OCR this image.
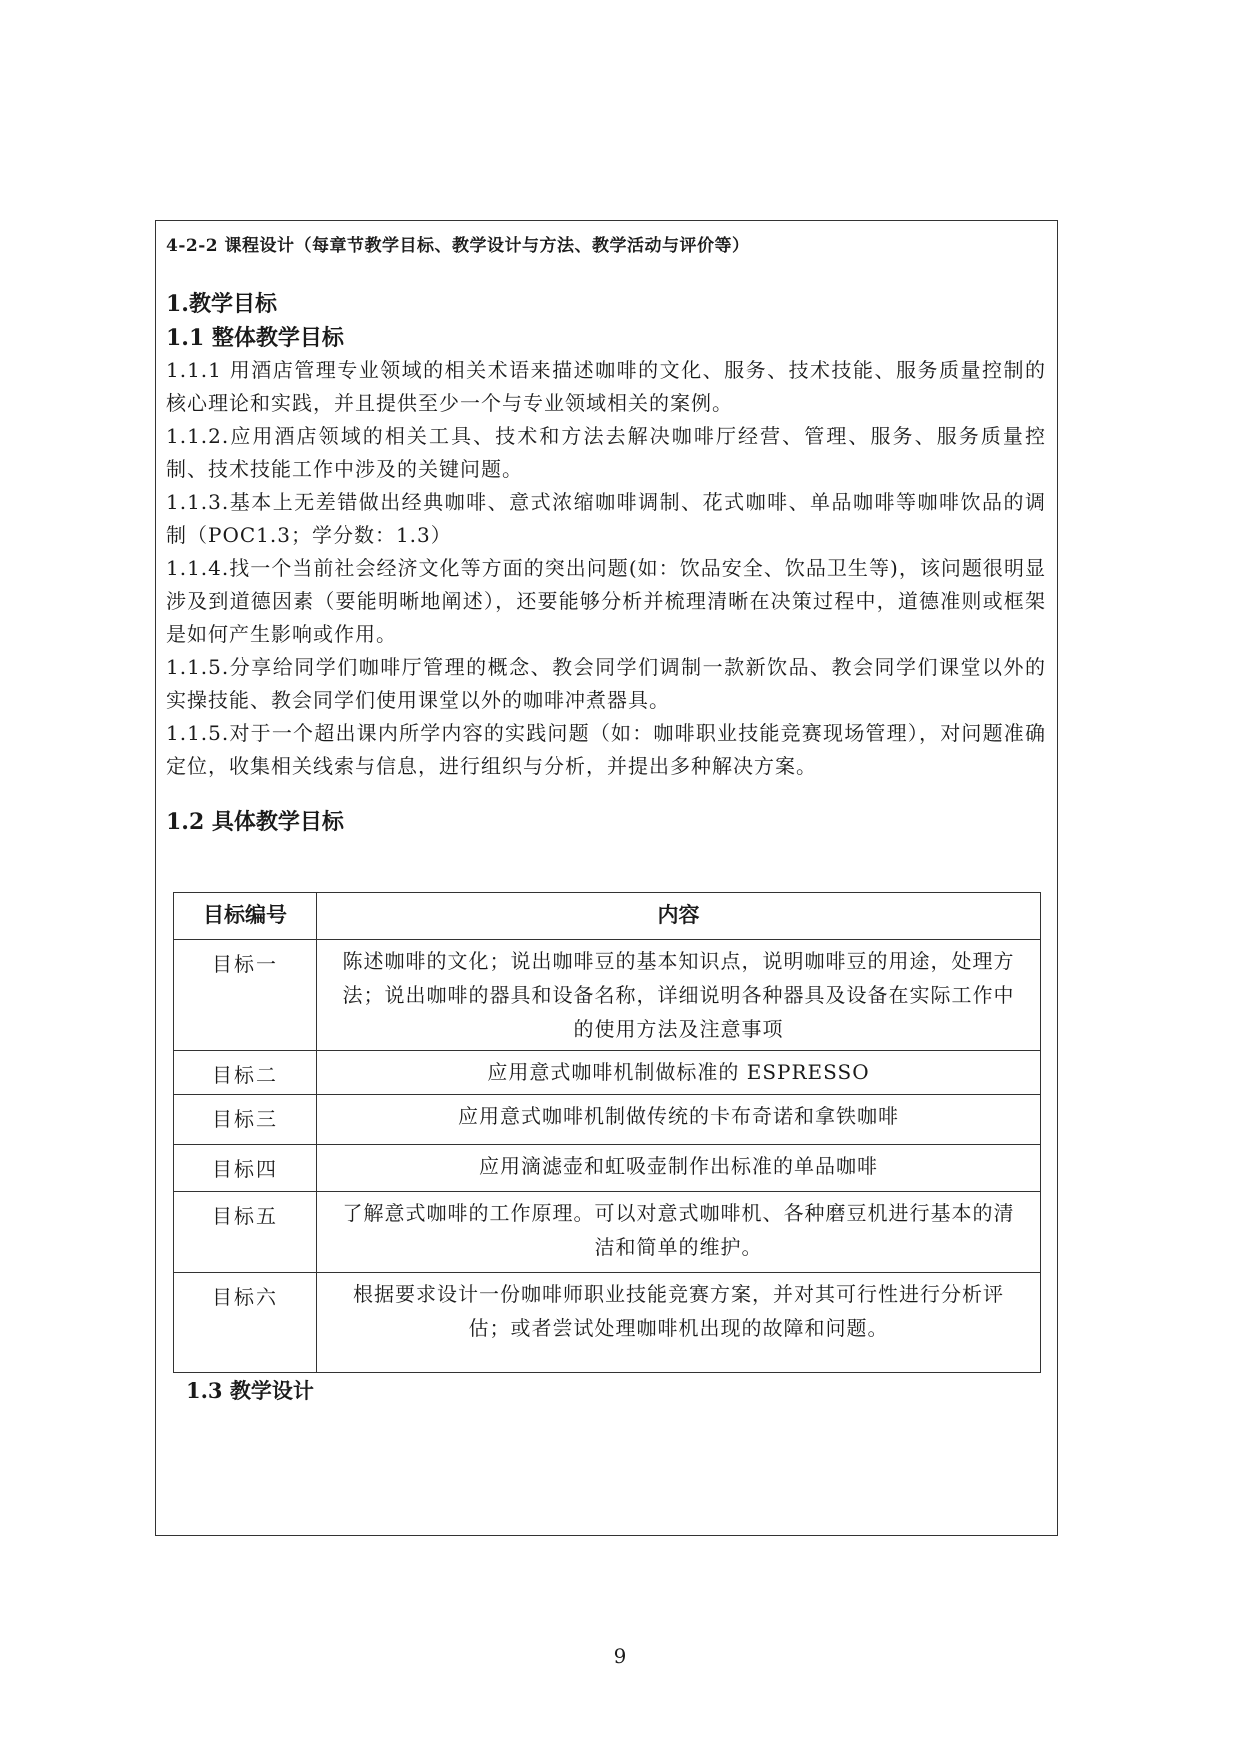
4-2-2 课程设计（每章节教学目标、教学设计与方法、教学活动与评价等）
1.教学目标
1.1 整体教学目标

1.1.1 用酒店管理专业领域的相关术语来描述咖啡的文化、服务、技术技能、服务质量控制的核心理论和实践，并且提供至少一个与专业领域相关的案例。

1.1.2.应用酒店领域的相关工具、技术和方法去解决咖啡厅经营、管理、服务、服务质量控制、技术技能工作中涉及的关键问题。

1.1.3.基本上无差错做出经典咖啡、意式浓缩咖啡调制、花式咖啡、单品咖啡等咖啡饮品的调制（POC1.3；学分数：1.3）

1.1.4.找一个当前社会经济文化等方面的突出问题(如：饮品安全、饮品卫生等)，该问题很明显涉及到道德因素（要能明晰地阐述），还要能够分析并梳理清晰在决策过程中，道德准则或框架是如何产生影响或作用。

1.1.5.分享给同学们咖啡厅管理的概念、教会同学们调制一款新饮品、教会同学们课堂以外的实操技能、教会同学们使用课堂以外的咖啡冲煮器具。

1.1.5.对于一个超出课内所学内容的实践问题（如：咖啡职业技能竞赛现场管理），对问题准确定位，收集相关线索与信息，进行组织与分析，并提出多种解决方案。

1.2 具体教学目标
目标编号	内容
目标一	陈述咖啡的文化；说出咖啡豆的基本知识点，说明咖啡豆的用途，处理方法；说出咖啡的器具和设备名称，详细说明各种器具及设备在实际工作中的使用方法及注意事项
目标二	应用意式咖啡机制做标准的 ESPRESSO
目标三	应用意式咖啡机制做传统的卡布奇诺和拿铁咖啡
目标四	应用滴滤壶和虹吸壶制作出标准的单品咖啡
目标五	了解意式咖啡的工作原理。可以对意式咖啡机、各种磨豆机进行基本的清洁和简单的维护。
目标六	根据要求设计一份咖啡师职业技能竞赛方案，并对其可行性进行分析评估；或者尝试处理咖啡机出现的故障和问题。
1.3 教学设计
9
